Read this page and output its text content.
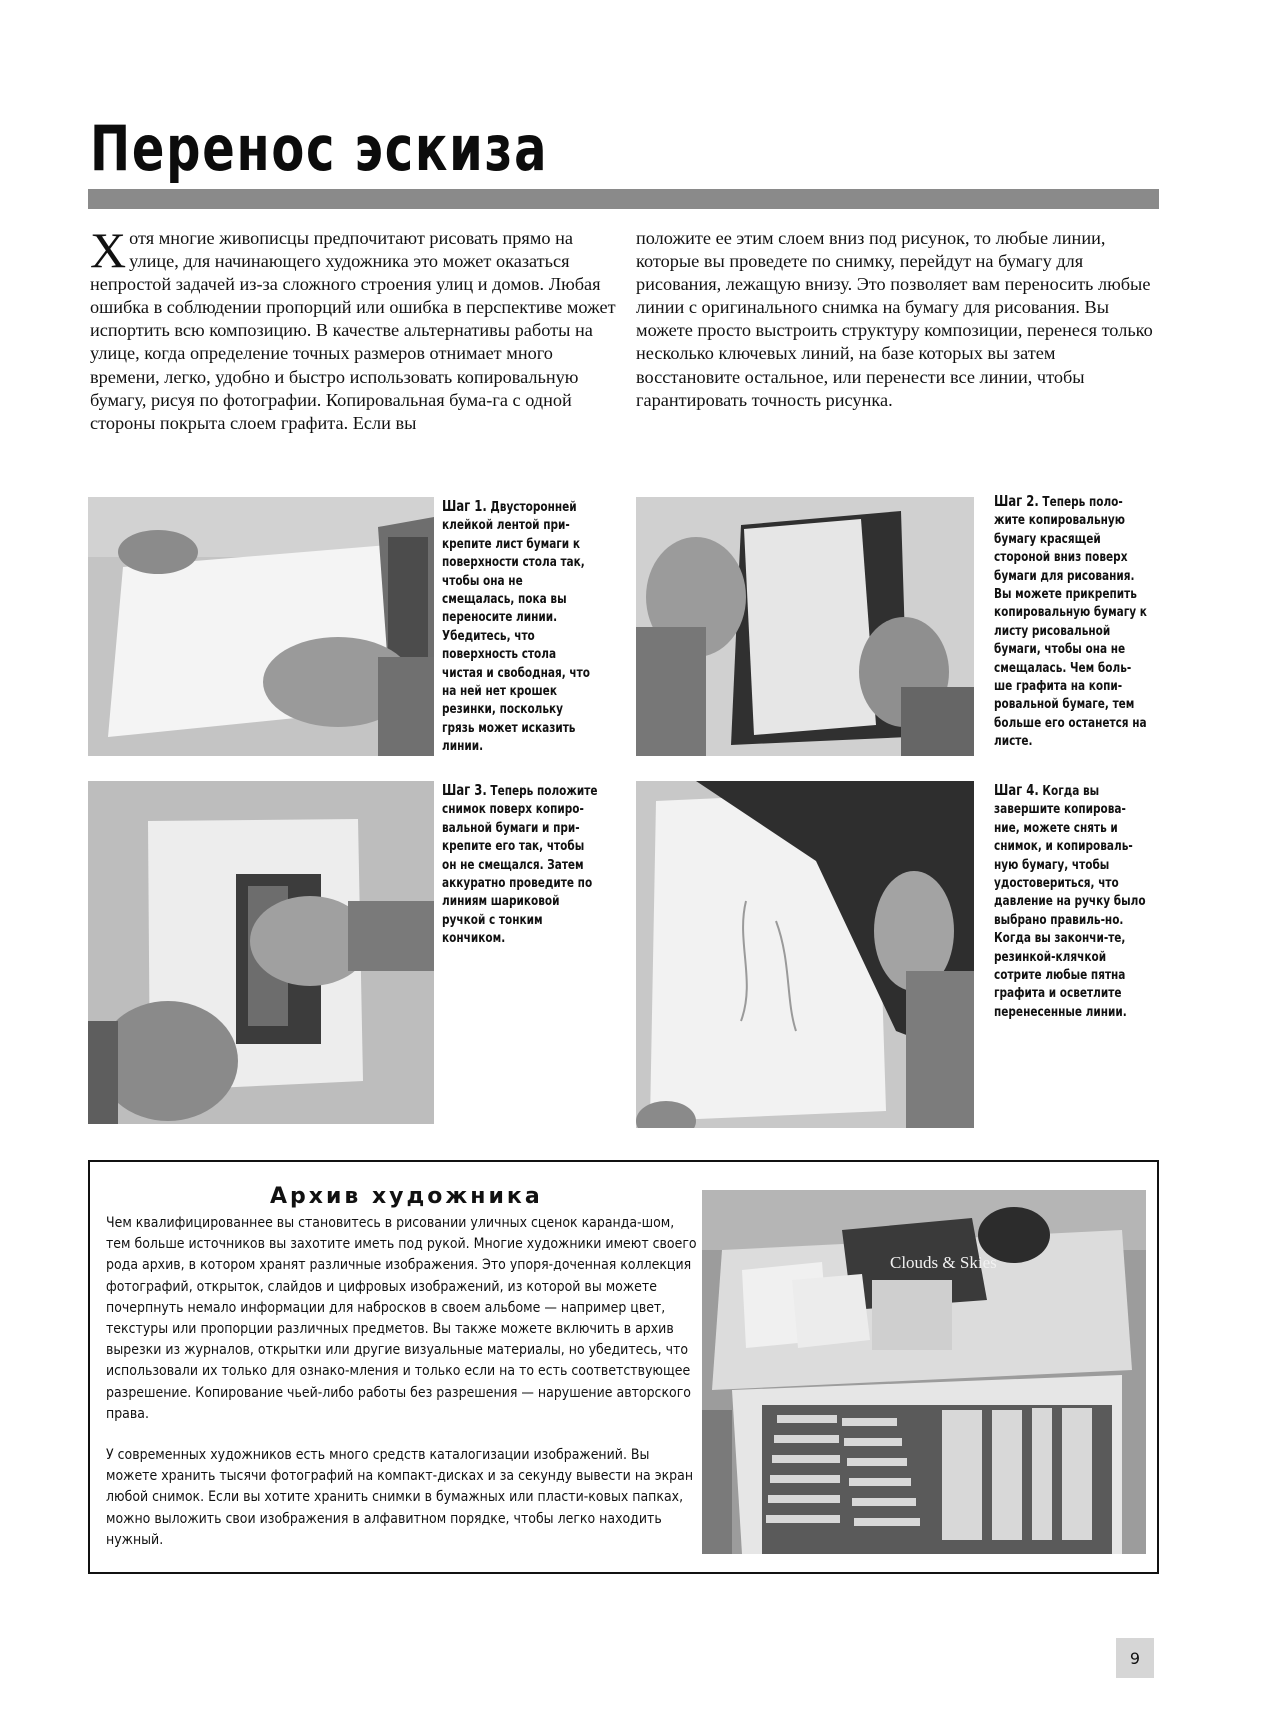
Перенос эскиза
Хотя многие живописцы предпочитают рисовать прямо на улице, для начинающего художника это может оказаться непростой задачей из-за сложного строения улиц и домов. Любая ошибка в соблюдении пропорций или ошибка в перспективе может испортить всю композицию. В качестве альтернативы работы на улице, когда определение точных размеров отнимает много времени, легко, удобно и быстро использовать копировальную бумагу, рисуя по фотографии. Копировальная бума-га с одной стороны покрыта слоем графита. Если вы
положите ее этим слоем вниз под рисунок, то любые линии, которые вы проведете по снимку, перейдут на бумагу для рисования, лежащую внизу. Это позволяет вам переносить любые линии с оригинального снимка на бумагу для рисования. Вы можете просто выстроить структуру композиции, перенеся только несколько ключевых линий, на базе которых вы затем восстановите остальное, или перенести все линии, чтобы гарантировать точность рисунка.
Шаг 1. Двусторонней клейкой лентой при-крепите лист бумаги к поверхности стола так, чтобы она не смещалась, пока вы переносите линии. Убедитесь, что поверхность стола чистая и свободная, что на ней нет крошек резинки, поскольку грязь может исказить линии.
Шаг 2. Теперь поло-жите копировальную бумагу красящей стороной вниз поверх бумаги для рисования. Вы можете прикрепить копировальную бумагу к листу рисовальной бумаги, чтобы она не смещалась. Чем боль-ше графита на копи-ровальной бумаге, тем больше его останется на листе.
Шаг 3. Теперь положите снимок поверх копиро-вальной бумаги и при-крепите его так, чтобы он не смещался. Затем аккуратно проведите по линиям шариковой ручкой с тонким кончиком.
Шаг 4. Когда вы завершите копирова-ние, можете снять и снимок, и копироваль-ную бумагу, чтобы удостовериться, что давление на ручку было выбрано правиль-но. Когда вы закончи-те, резинкой-клячкой сотрите любые пятна графита и осветлите перенесенные линии.
Архив художника

Чем квалифицированнее вы становитесь в рисовании уличных сценок каранда-шом, тем больше источников вы захотите иметь под рукой. Многие художники имеют своего рода архив, в котором хранят различные изображения. Это упоря-доченная коллекция фотографий, открыток, слайдов и цифровых изображений, из которой вы можете почерпнуть немало информации для набросков в своем альбоме — например цвет, текстуры или пропорции различных предметов. Вы также можете включить в архив вырезки из журналов, открытки или другие визуальные материалы, но убедитесь, что использовали их только для ознако-мления и только если на то есть соответствующее разрешение. Копирование чьей-либо работы без разрешения — нарушение авторского права.

У современных художников есть много средств каталогизации изображений. Вы можете хранить тысячи фотографий на компакт-дисках и за секунду вывести на экран любой снимок. Если вы хотите хранить снимки в бумажных или пласти-ковых папках, можно выложить свои изображения в алфавитном порядке, чтобы легко находить нужный.

Clouds & Skies
9
